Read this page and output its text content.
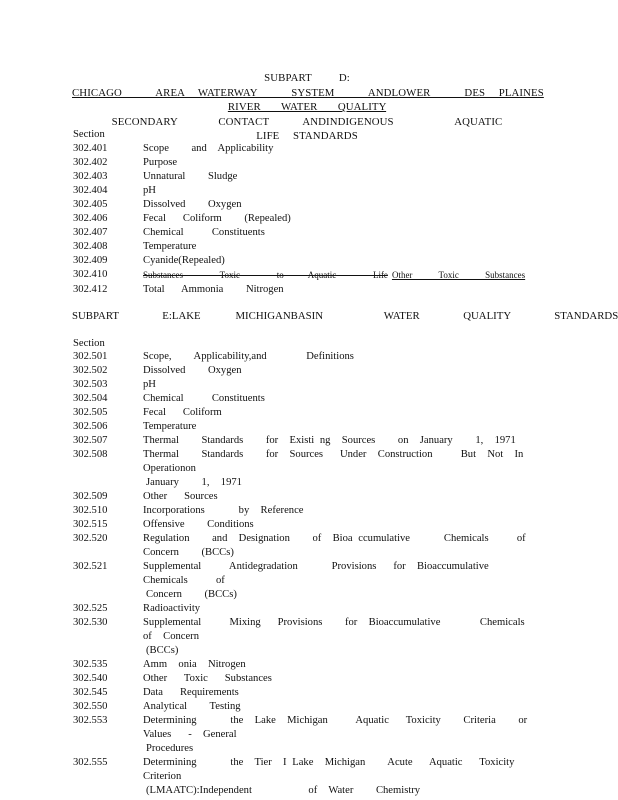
SUBPART    D: CHICAGO     AREA  WATERWAY     SYSTEM     ANDLOWER     DES  PLAINES
RIVER   WATER   QUALITY SECONDARY      CONTACT     ANDINDIGENOUS         AQUATIC
LIFE  STANDARDS
Section
302.401	Scope    and  Applicability
302.402	Purpose
302.403	Unnatural    Sludge
302.404	pH
302.405	Dissolved    Oxygen
302.406	Fecal   Coliform    (Repealed)
302.407	Chemical     Constituents
302.408	Temperature
302.409	Cyanide(Repealed)
302.410	Substances   Toxic   to  Aquatic   Life Other     Toxic     Substances
302.412	Total   Ammonia    Nitrogen
SUBPART     E:LAKE    MICHIGANBASIN       WATER     QUALITY     STANDARDS
Section
302.501	Scope,    Applicability,and       Definitions
302.502	Dissolved    Oxygen
302.503	pH
302.504	Chemical     Constituents
302.505	Fecal   Coliform
302.506	Temperature
302.507	Thermal    Standards    for  Existi ng  Sources    on  January    1,  1971
302.508	Thermal    Standards    for  Sources   Under  Construction     But  Not  In  Operationon
January    1,  1971
302.509	Other   Sources
302.510	Incorporations      by  Reference
302.515	Offensive    Conditions
302.520	Regulation    and  Designation    of  Bioa ccumulative      Chemicals     of  Concern    (BCCs)
302.521	Supplemental     Antidegradation      Provisions   for  Bioaccumulative       Chemicals     of
Concern    (BCCs)
302.525	Radioactivity
302.530	Supplemental     Mixing   Provisions    for  Bioaccumulative       Chemicals     of  Concern
(BCCs)
302.535	Amm  onia  Nitrogen
302.540	Other   Toxic   Substances
302.545	Data   Requirements
302.550	Analytical    Testing
302.553	Determining      the  Lake  Michigan     Aquatic   Toxicity    Criteria    or  Values   -  General
Procedures
302.555	Determining      the  Tier  I Lake  Michigan    Acute   Aquatic   Toxicity    Criterion
(LMAATC):Independent          of  Water    Chemistry
